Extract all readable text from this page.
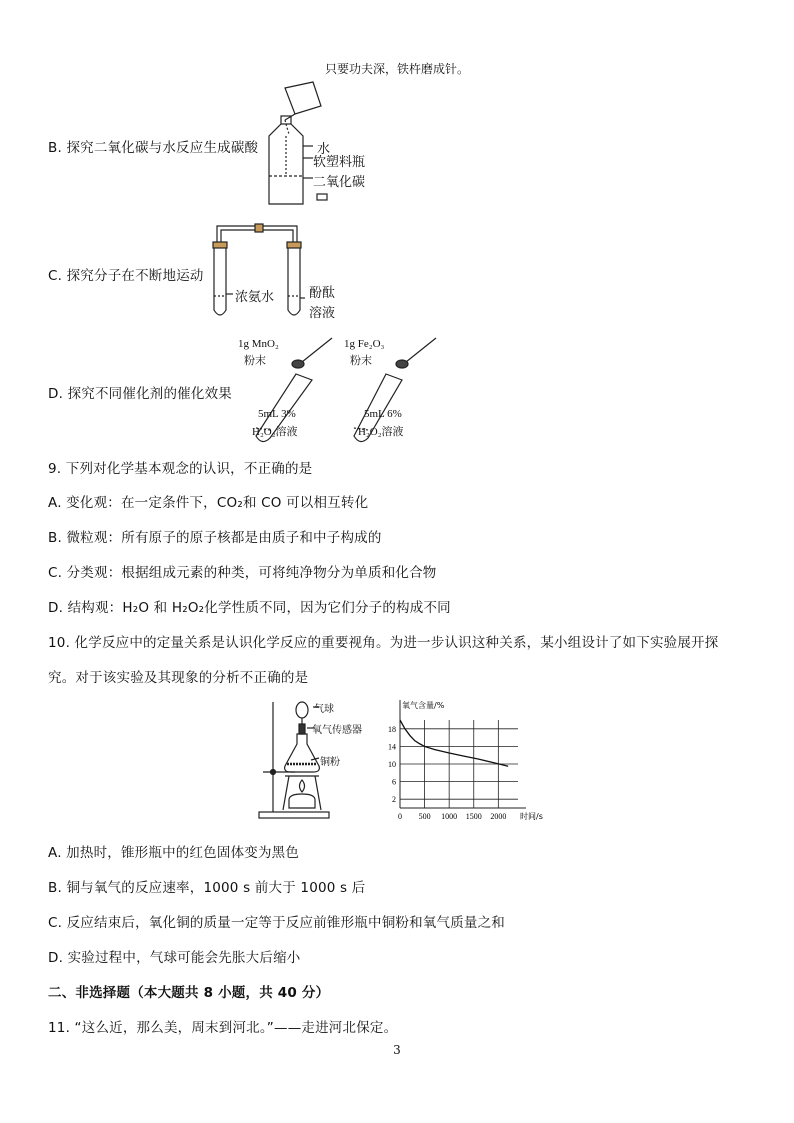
只要功夫深，铁杵磨成针。
B. 探究二氧化碳与水反应生成碳酸	水
软塑料瓶
二氧化碳
C. 探究分子在不断地运动
浓氨水	酚酞
溶液
D. 探究不同催化剂的催化效果
1g MnO₂
粉末
1g Fe₂O₃
粉末
5mL 3%
H₂O₂溶液
5mL 6%
H₂O₂溶液
9. 下列对化学基本观念的认识，不正确的是
A. 变化观：在一定条件下，CO₂和 CO 可以相互转化
B. 微粒观：所有原子的原子核都是由质子和中子构成的
C. 分类观：根据组成元素的种类，可将纯净物分为单质和化合物
D. 结构观：H₂O 和 H₂O₂化学性质不同，因为它们分子的构成不同
10. 化学反应中的定量关系是认识化学反应的重要视角。为进一步认识这种关系，某小组设计了如下实验展开探
究。对于该实验及其现象的分析不正确的是
气球
氧气传感器
铜粉
2
6
10
14
18
0 500 1000 1500 2000
氧气含量/%
时间/s
A. 加热时，锥形瓶中的红色固体变为黑色
B. 铜与氧气的反应速率，1000 s 前大于 1000 s 后
C. 反应结束后，氧化铜的质量一定等于反应前锥形瓶中铜粉和氧气质量之和
D. 实验过程中，气球可能会先胀大后缩小
二、非选择题（本大题共 8 小题，共 40 分）
11. “这么近，那么美，周末到河北。”——走进河北保定。
3
